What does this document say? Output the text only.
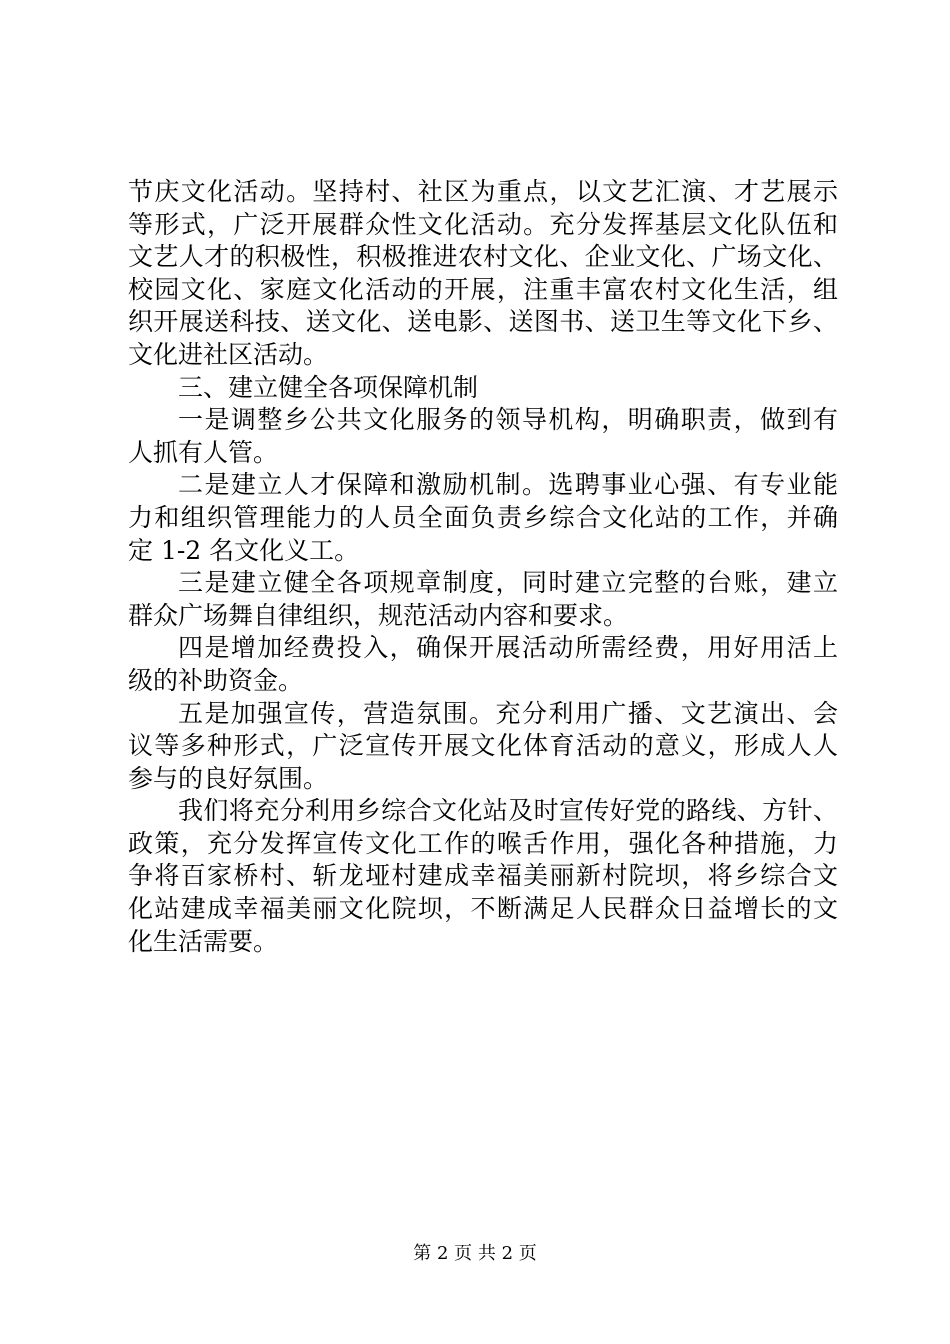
节庆文化活动。坚持村、社区为重点，以文艺汇演、才艺展示
等形式，广泛开展群众性文化活动。充分发挥基层文化队伍和
文艺人才的积极性，积极推进农村文化、企业文化、广场文化、
校园文化、家庭文化活动的开展，注重丰富农村文化生活，组
织开展送科技、送文化、送电影、送图书、送卫生等文化下乡、
文化进社区活动。
三、建立健全各项保障机制
一是调整乡公共文化服务的领导机构，明确职责，做到有
人抓有人管。
二是建立人才保障和激励机制。选聘事业心强、有专业能
力和组织管理能力的人员全面负责乡综合文化站的工作，并确
定 1-2 名文化义工。
三是建立健全各项规章制度，同时建立完整的台账，建立
群众广场舞自律组织，规范活动内容和要求。
四是增加经费投入，确保开展活动所需经费，用好用活上
级的补助资金。
五是加强宣传，营造氛围。充分利用广播、文艺演出、会
议等多种形式，广泛宣传开展文化体育活动的意义，形成人人
参与的良好氛围。
我们将充分利用乡综合文化站及时宣传好党的路线、方针、
政策，充分发挥宣传文化工作的喉舌作用，强化各种措施，力
争将百家桥村、斩龙垭村建成幸福美丽新村院坝，将乡综合文
化站建成幸福美丽文化院坝，不断满足人民群众日益增长的文
化生活需要。
第 2 页 共 2 页
